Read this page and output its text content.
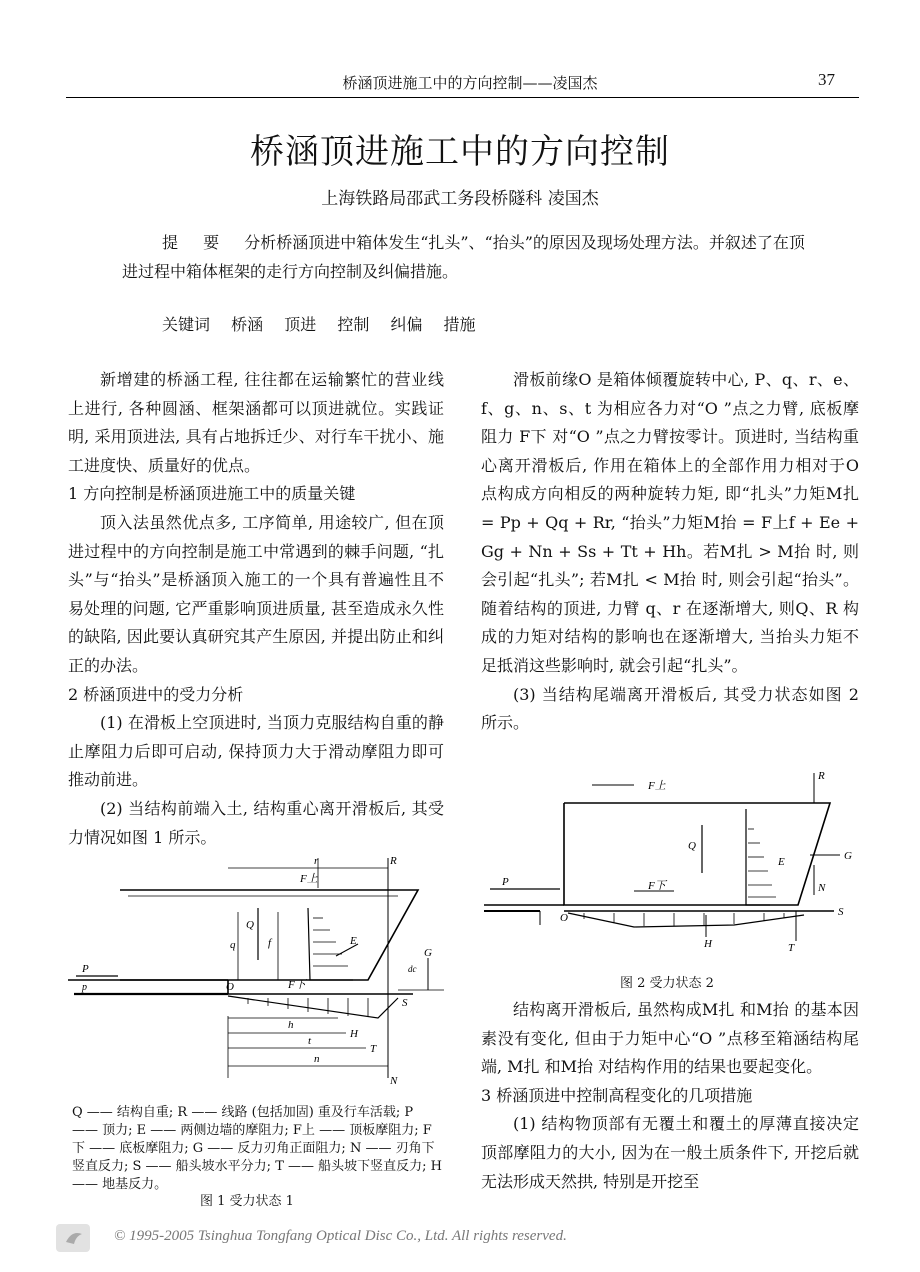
桥涵顶进施工中的方向控制——凌国杰	37
桥涵顶进施工中的方向控制
上海铁路局邵武工务段桥隧科 凌国杰
提 要 分析桥涵顶进中箱体发生“扎头”、“抬头”的原因及现场处理方法。并叙述了在顶进过程中箱体框架的走行方向控制及纠偏措施。
关键词 桥涵 顶进 控制 纠偏 措施

新增建的桥涵工程, 往往都在运输繁忙的营业线上进行, 各种圆涵、框架涵都可以顶进就位。实践证明, 采用顶进法, 具有占地拆迁少、对行车干扰小、施工进度快、质量好的优点。

1 方向控制是桥涵顶进施工中的质量关键

顶入法虽然优点多, 工序简单, 用途较广, 但在顶进过程中的方向控制是施工中常遇到的棘手问题, “扎头”与“抬头”是桥涵顶入施工的一个具有普遍性且不易处理的问题, 它严重影响顶进质量, 甚至造成永久性的缺陷, 因此要认真研究其产生原因, 并提出防止和纠正的办法。

2 桥涵顶进中的受力分析

(1) 在滑板上空顶进时, 当顶力克服结构自重的静止摩阻力后即可启动, 保持顶力大于滑动摩阻力即可推动前进。

(2) 当结构前端入土, 结构重心离开滑板后, 其受力情况如图 1 所示。

r	R
F上
Q
q	f	E
G
P
p	O	F下
S
h
H
t
T
n
N
dc
Q —— 结构自重; R —— 线路 (包括加固) 重及行车活载; P —— 顶力; E —— 两侧边墙的摩阻力; F上 —— 顶板摩阻力; F下 —— 底板摩阻力; G —— 反力刃角正面阻力; N —— 刃角下竖直反力; S —— 船头坡水平分力; T —— 船头坡下竖直反力; H —— 地基反力。
图 1 受力状态 1

滑板前缘O 是箱体倾覆旋转中心, P、q、r、e、f、g、n、s、t 为相应各力对“O ”点之力臂, 底板摩阻力 F下 对“O ”点之力臂按零计。顶进时, 当结构重心离开滑板后, 作用在箱体上的全部作用力相对于O 点构成方向相反的两种旋转力矩, 即“扎头”力矩M扎 = Pp + Qq + Rr, “抬头”力矩M抬 = F上f + Ee + Gg + Nn + Ss + Tt + Hh。若M扎 > M抬 时, 则会引起“扎头”; 若M扎 < M抬 时, 则会引起“抬头”。随着结构的顶进, 力臂 q、r 在逐渐增大, 则Q、R 构成的力矩对结构的影响也在逐渐增大, 当抬头力矩不足抵消这些影响时, 就会引起“扎头”。

(3) 当结构尾端离开滑板后, 其受力状态如图 2 所示。

R
F上
Q
E	G
P	F下	N
O	S
H	T
图 2 受力状态 2

结构离开滑板后, 虽然构成M扎 和M抬 的基本因素没有变化, 但由于力矩中心“O ”点移至箱涵结构尾端, M扎 和M抬 对结构作用的结果也要起变化。

3 桥涵顶进中控制高程变化的几项措施

(1) 结构物顶部有无覆土和覆土的厚薄直接决定顶部摩阻力的大小, 因为在一般土质条件下, 开挖后就无法形成天然拱, 特别是开挖至

© 1995-2005 Tsinghua Tongfang Optical Disc Co., Ltd. All rights reserved.
